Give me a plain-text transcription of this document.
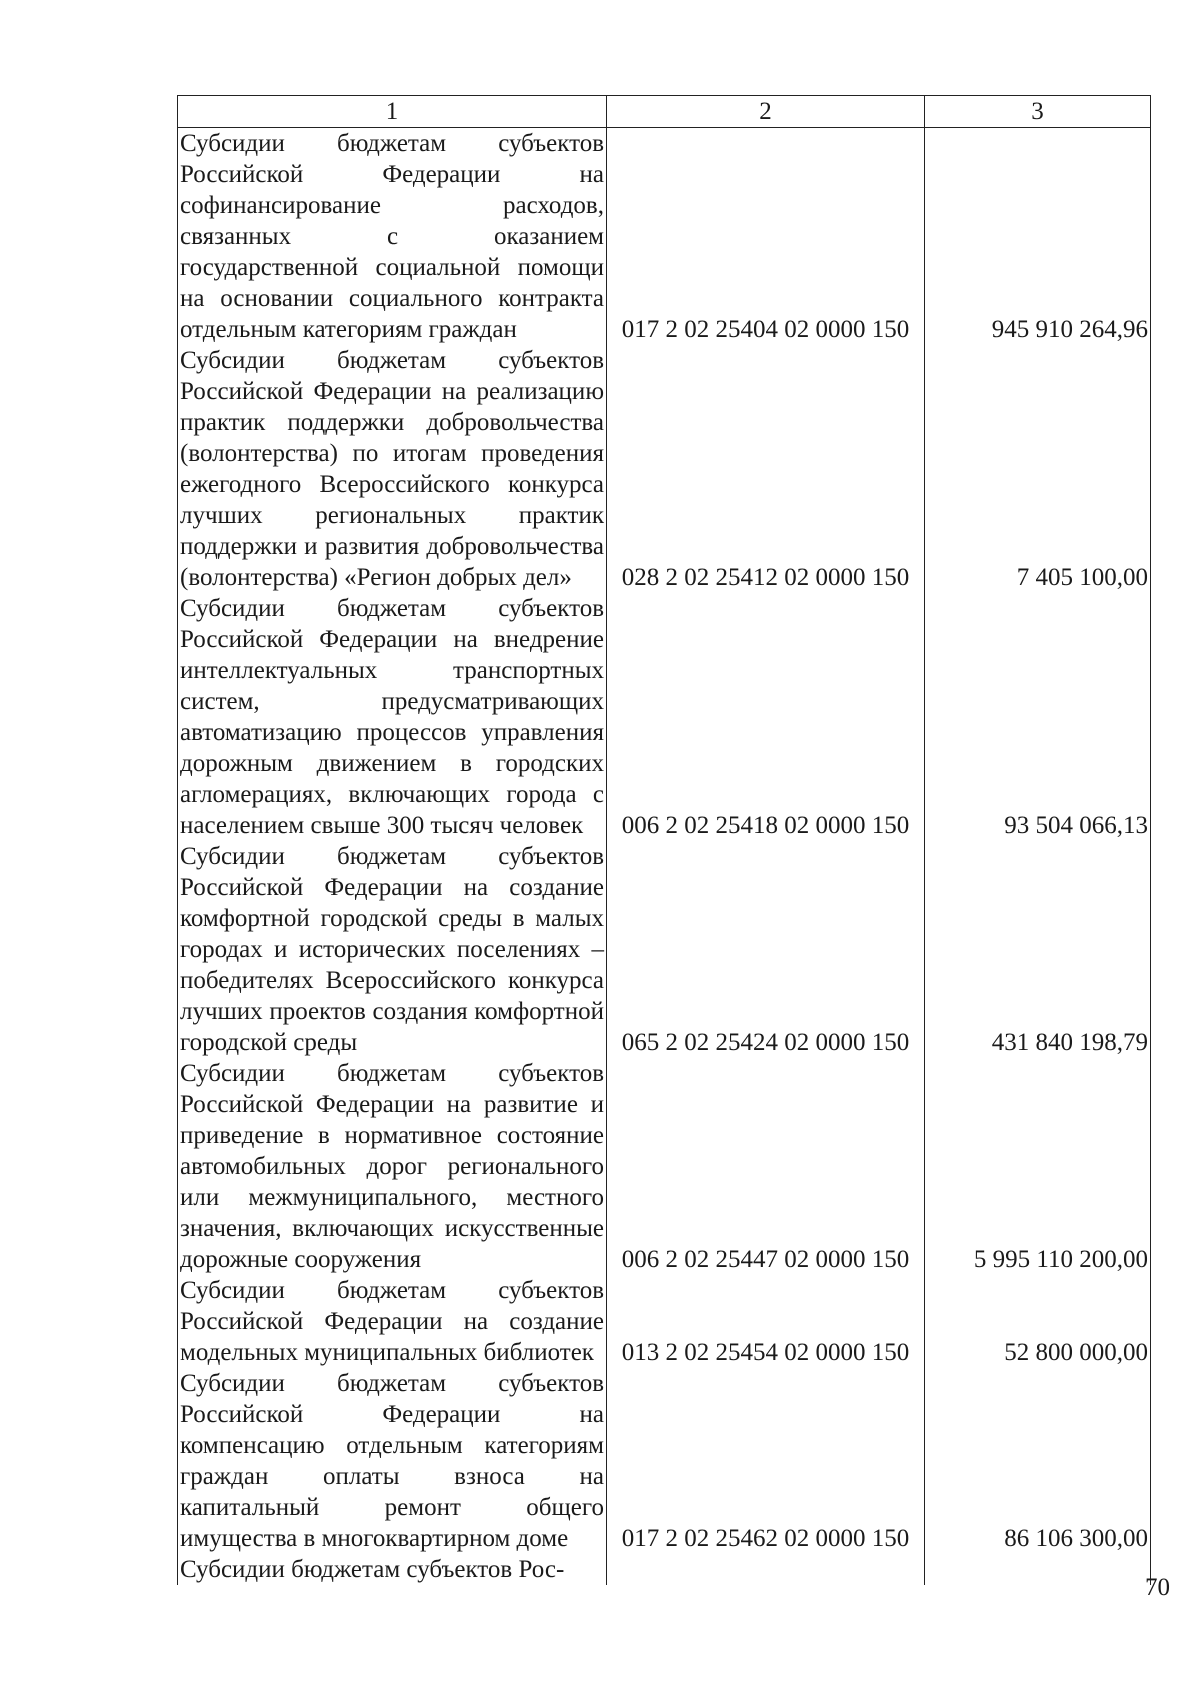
1	2	3
Субсидии бюджетам субъектов Российской Федерации на софинансирование расходов, связанных с оказанием государственной социальной помощи на основании социального контракта отдельным категориям граждан	017 2 02 25404 02 0000 150	945 910 264,96
Субсидии бюджетам субъектов Российской Федерации на реализацию практик поддержки добровольчества (волонтерства) по итогам проведения ежегодного Всероссийского конкурса лучших региональных практик поддержки и развития добровольчества (волонтерства) «Регион добрых дел»	028 2 02 25412 02 0000 150	7 405 100,00
Субсидии бюджетам субъектов Российской Федерации на внедрение интеллектуальных транспортных систем, предусматривающих автоматизацию процессов управления дорожным движением в городских агломерациях, включающих города с населением свыше 300 тысяч человек	006 2 02 25418 02 0000 150	93 504 066,13
Субсидии бюджетам субъектов Российской Федерации на создание комфортной городской среды в малых городах и исторических поселениях – победителях Всероссийского конкурса лучших проектов создания комфортной городской среды	065 2 02 25424 02 0000 150	431 840 198,79
Субсидии бюджетам субъектов Российской Федерации на развитие и приведение в нормативное состояние автомобильных дорог регионального или межмуниципального, местного значения, включающих искусственные дорожные сооружения	006 2 02 25447 02 0000 150	5 995 110 200,00
Субсидии бюджетам субъектов Российской Федерации на создание модельных муниципальных библиотек	013 2 02 25454 02 0000 150	52 800 000,00
Субсидии бюджетам субъектов Российской Федерации на компенсацию отдельным категориям граждан оплаты взноса на капитальный ремонт общего имущества в многоквартирном доме	017 2 02 25462 02 0000 150	86 106 300,00
Субсидии бюджетам субъектов Рос-		
70
